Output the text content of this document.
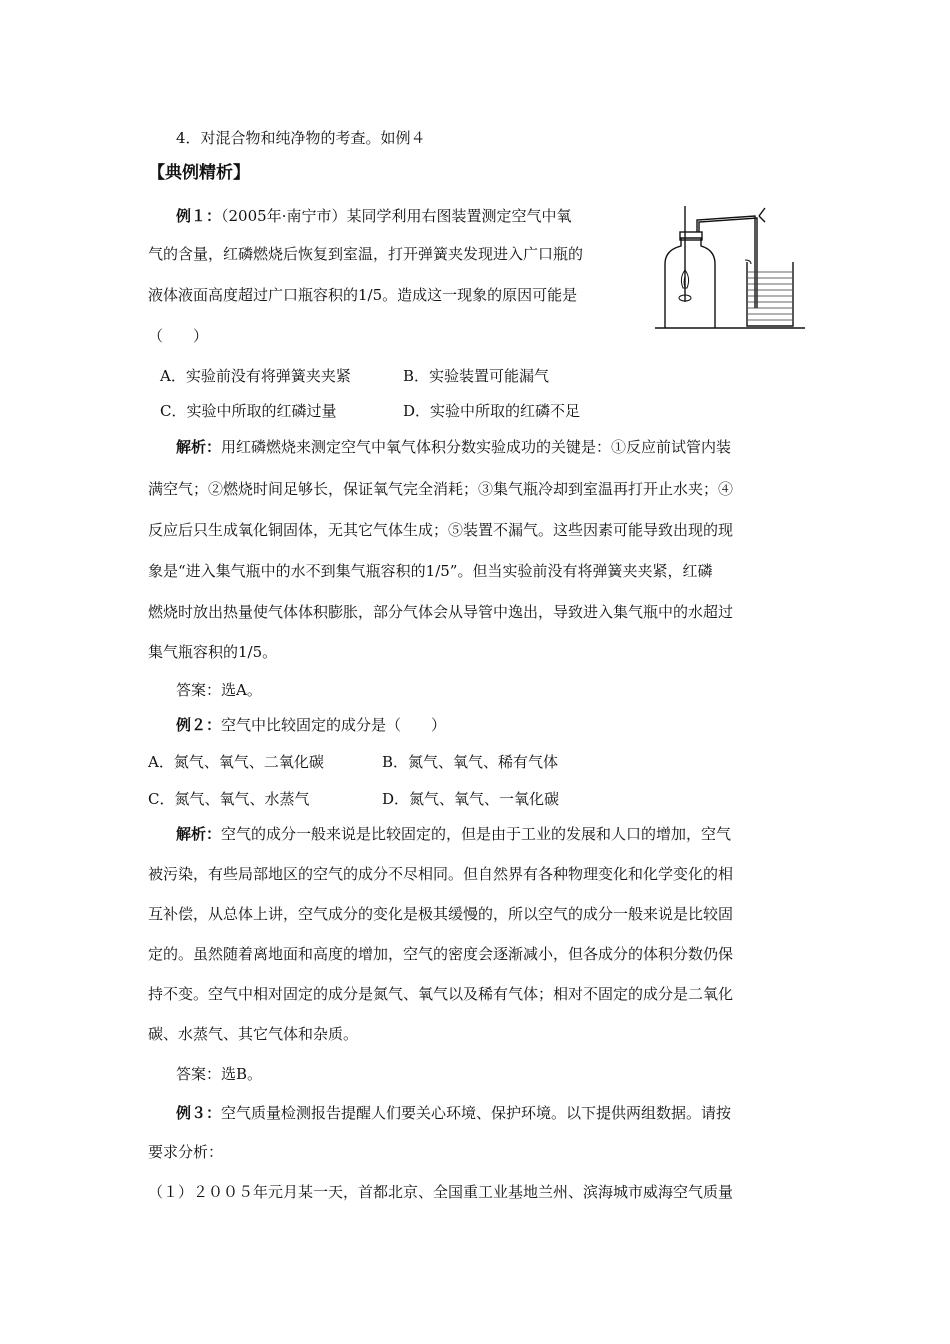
4．对混合物和纯净物的考查。如例４
【典例精析】
例１：（2005年·南宁市）某同学利用右图装置测定空气中氧
气的含量，红磷燃烧后恢复到室温，打开弹簧夹发现进入广口瓶的
液体液面高度超过广口瓶容积的1/5。造成这一现象的原因可能是
（　　）
A．实验前没有将弹簧夹夹紧	B．实验装置可能漏气
C．实验中所取的红磷过量	D．实验中所取的红磷不足
解析：用红磷燃烧来测定空气中氧气体积分数实验成功的关键是：①反应前试管内装
满空气；②燃烧时间足够长，保证氧气完全消耗；③集气瓶冷却到室温再打开止水夹；④
反应后只生成氧化铜固体，无其它气体生成；⑤装置不漏气。这些因素可能导致出现的现
象是“进入集气瓶中的水不到集气瓶容积的1/5”。但当实验前没有将弹簧夹夹紧，红磷
燃烧时放出热量使气体体积膨胀，部分气体会从导管中逸出，导致进入集气瓶中的水超过
集气瓶容积的1/5。
答案：选A。
例２：空气中比较固定的成分是（　　）
A．氮气、氧气、二氧化碳	B．氮气、氧气、稀有气体
C．氮气、氧气、水蒸气	D．氮气、氧气、一氧化碳
解析：空气的成分一般来说是比较固定的，但是由于工业的发展和人口的增加，空气
被污染，有些局部地区的空气的成分不尽相同。但自然界有各种物理变化和化学变化的相
互补偿，从总体上讲，空气成分的变化是极其缓慢的，所以空气的成分一般来说是比较固
定的。虽然随着离地面和高度的增加，空气的密度会逐渐减小，但各成分的体积分数仍保
持不变。空气中相对固定的成分是氮气、氧气以及稀有气体；相对不固定的成分是二氧化
碳、水蒸气、其它气体和杂质。
答案：选B。
例３：空气质量检测报告提醒人们要关心环境、保护环境。以下提供两组数据。请按
要求分析：
（１）２００５年元月某一天，首都北京、全国重工业基地兰州、滨海城市威海空气质量
